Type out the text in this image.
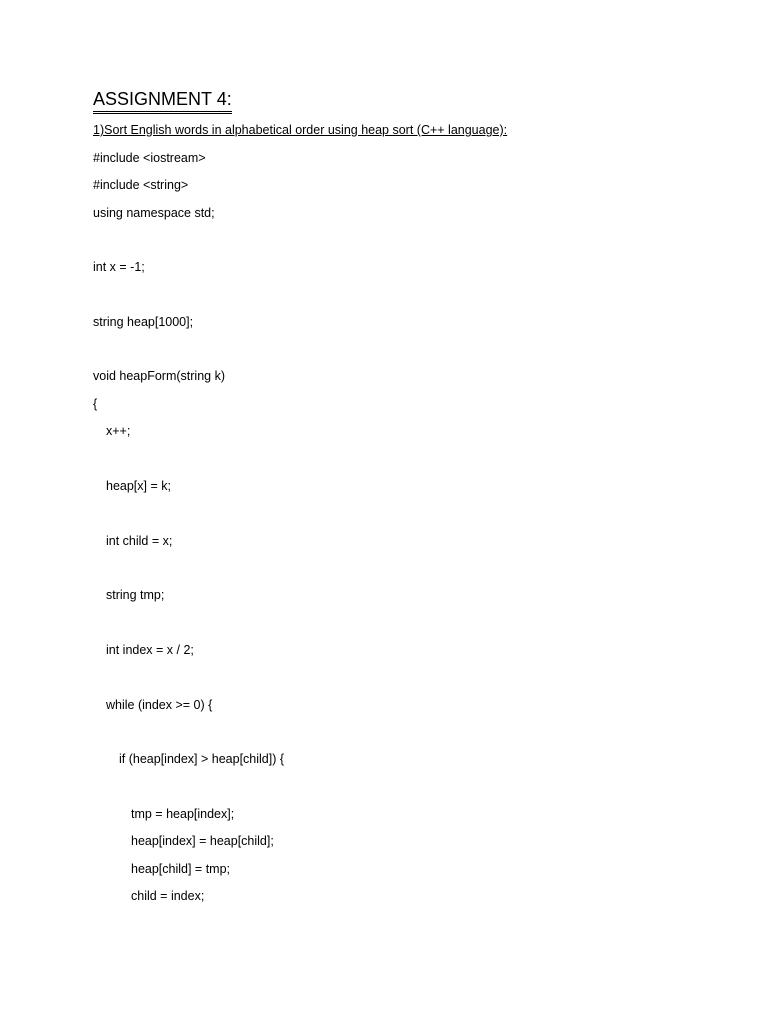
ASSIGNMENT 4:
1)Sort English words in alphabetical order using heap sort (C++ language):
#include <iostream>
#include <string>
using namespace std;
int x = -1;
string heap[1000];
void heapForm(string k)
{
x++;
heap[x] = k;
int child = x;
string tmp;
int index = x / 2;
while (index >= 0) {
if (heap[index] > heap[child]) {
tmp = heap[index];
heap[index] = heap[child];
heap[child] = tmp;
child = index;
